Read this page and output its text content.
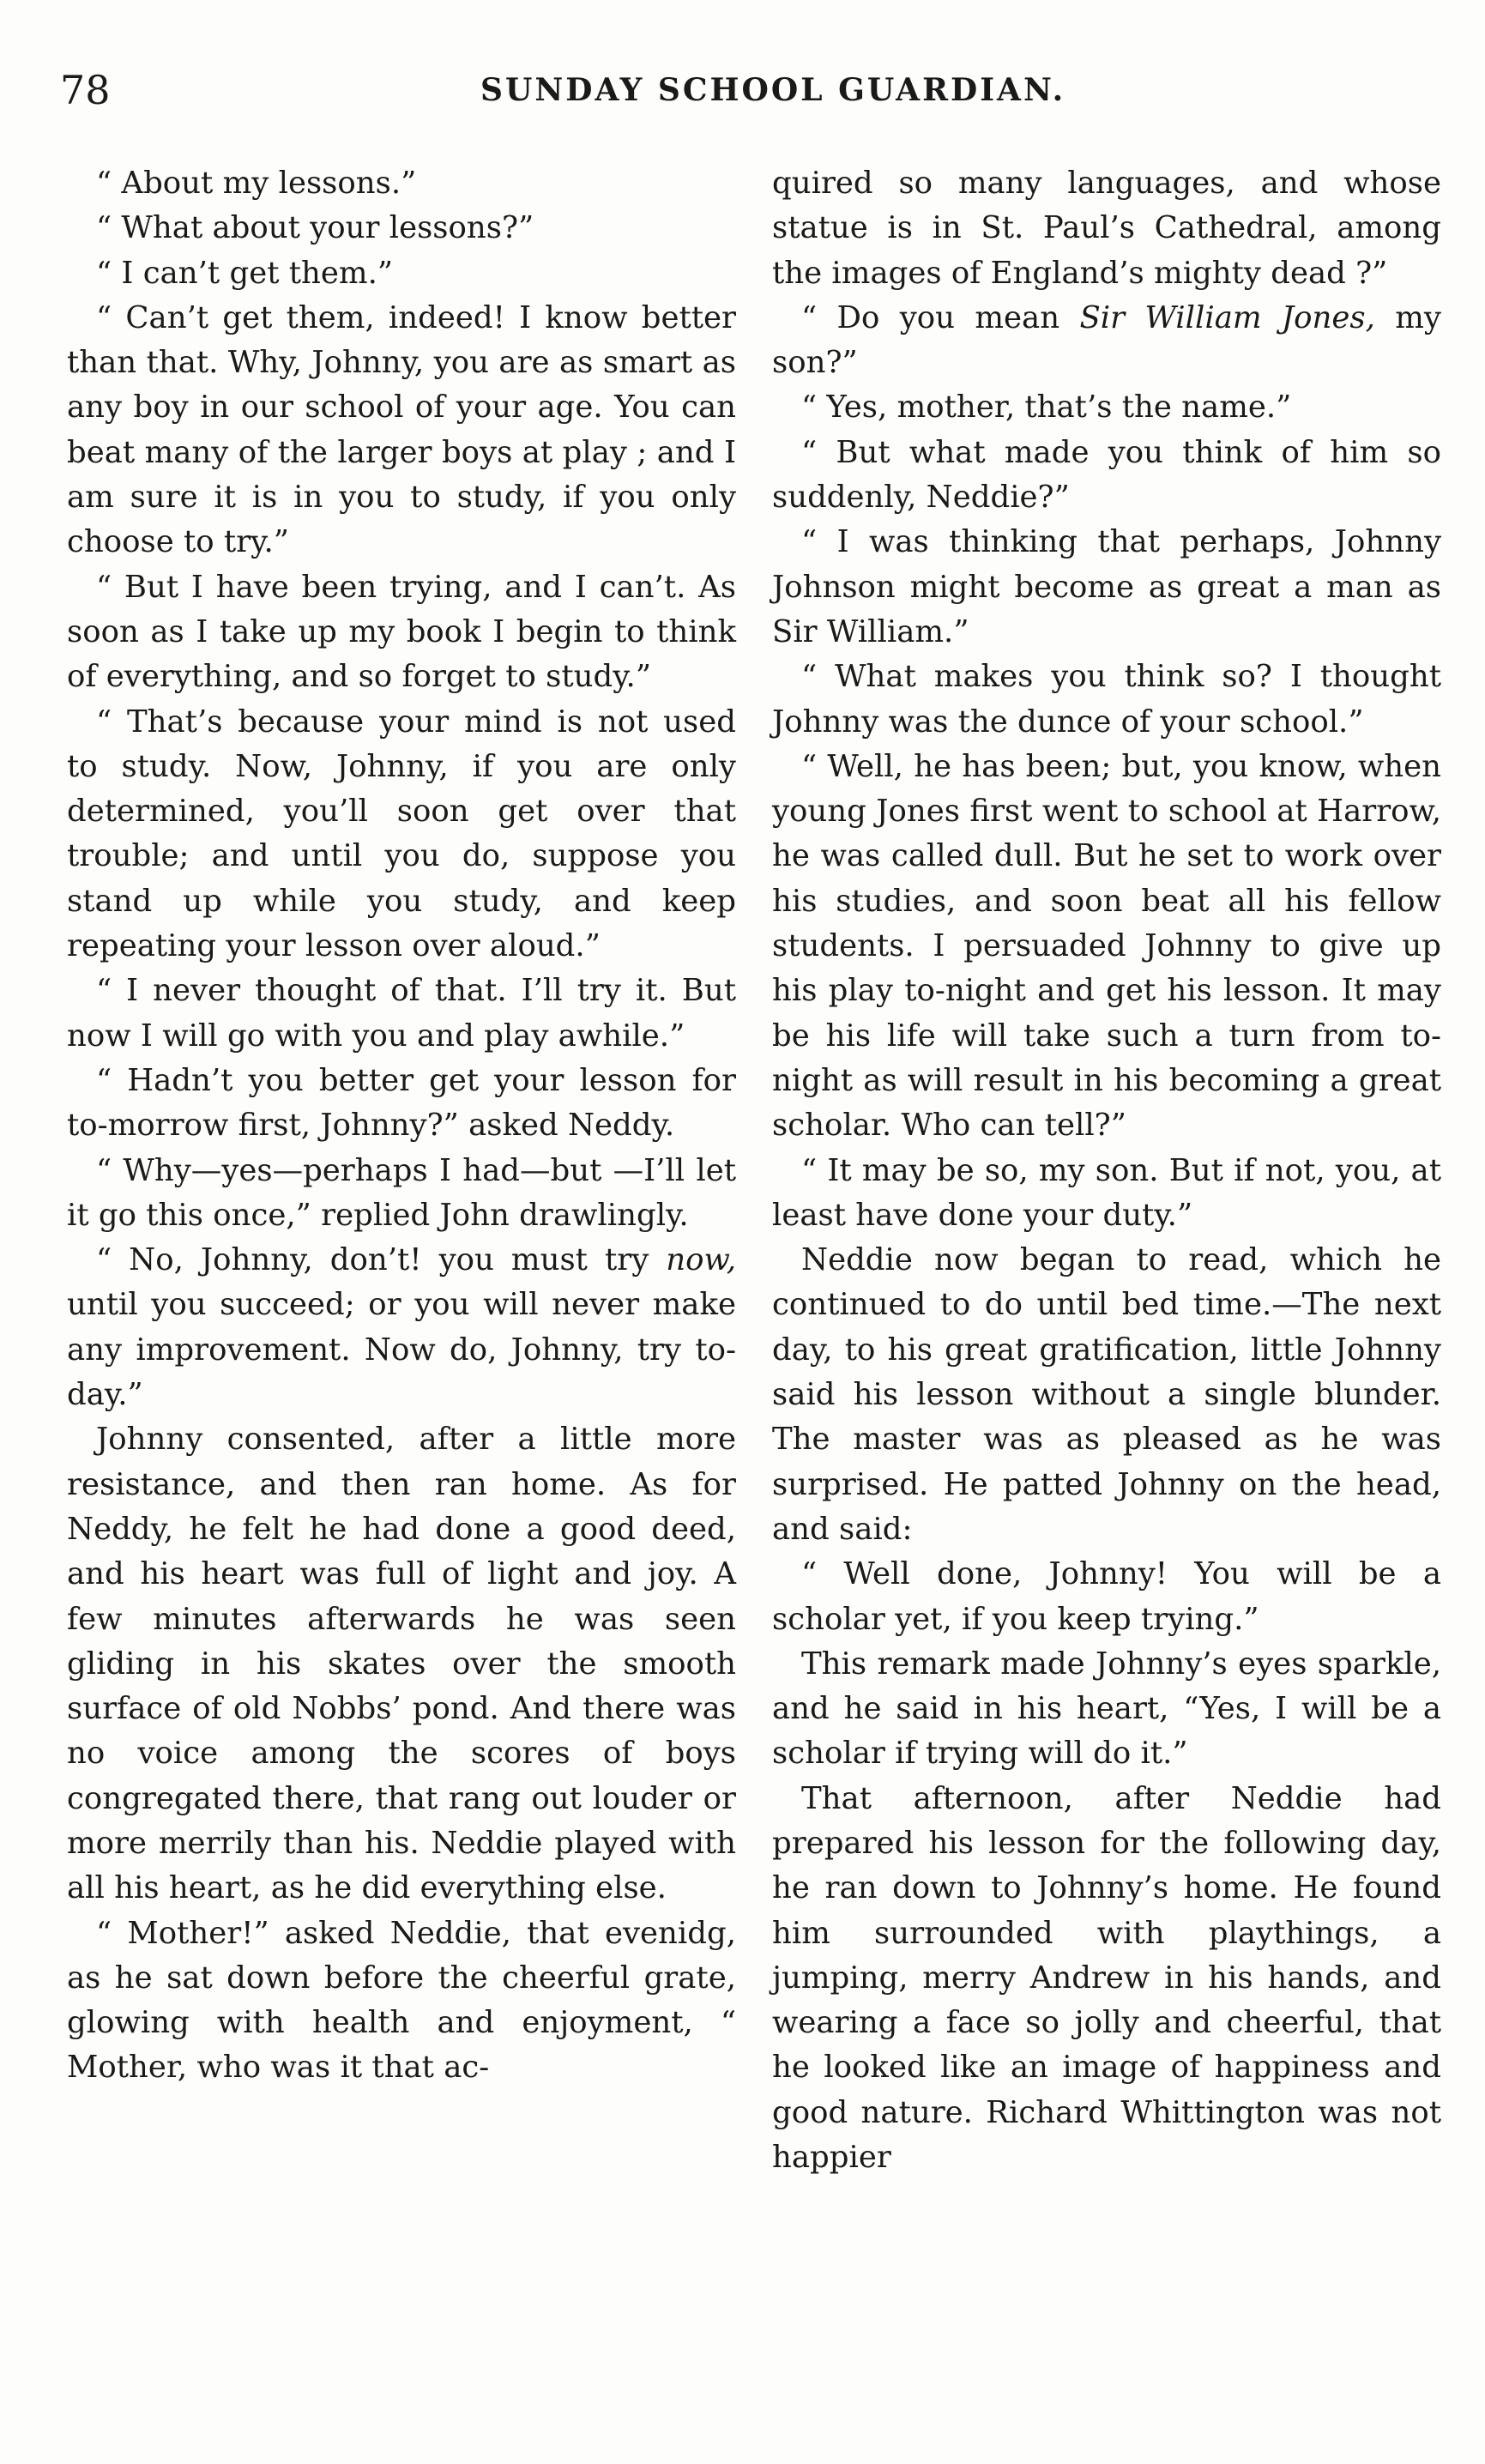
78	SUNDAY SCHOOL GUARDIAN.

“ About my lessons.”

“ What about your lessons?”

“ I can’t get them.”

“ Can’t get them, indeed! I know better than that. Why, Johnny, you are as smart as any boy in our school of your age. You can beat many of the larger boys at play ; and I am sure it is in you to study, if you only choose to try.”

“ But I have been trying, and I can’t. As soon as I take up my book I begin to think of everything, and so forget to study.”

“ That’s because your mind is not used to study. Now, Johnny, if you are only determined, you’ll soon get over that trouble; and until you do, suppose you stand up while you study, and keep repeating your lesson over aloud.”

“ I never thought of that. I’ll try it. But now I will go with you and play awhile.”

“ Hadn’t you better get your lesson for to-morrow first, Johnny?” asked Neddy.

“ Why—yes—perhaps I had—but —I’ll let it go this once,” replied John drawlingly.

“ No, Johnny, don’t! you must try now, until you succeed; or you will never make any improvement. Now do, Johnny, try to-day.”

Johnny consented, after a little more resistance, and then ran home. As for Neddy, he felt he had done a good deed, and his heart was full of light and joy. A few minutes afterwards he was seen gliding in his skates over the smooth surface of old Nobbs’ pond. And there was no voice among the scores of boys congregated there, that rang out louder or more merrily than his. Neddie played with all his heart, as he did everything else.

“ Mother!” asked Neddie, that evenidg, as he sat down before the cheerful grate, glowing with health and enjoyment, “ Mother, who was it that ac-

quired so many languages, and whose statue is in St. Paul’s Cathedral, among the images of England’s mighty dead ?”

“ Do you mean Sir William Jones, my son?”

“ Yes, mother, that’s the name.”

“ But what made you think of him so suddenly, Neddie?”

“ I was thinking that perhaps, Johnny Johnson might become as great a man as Sir William.”

“ What makes you think so? I thought Johnny was the dunce of your school.”

“ Well, he has been; but, you know, when young Jones first went to school at Harrow, he was called dull. But he set to work over his studies, and soon beat all his fellow students. I persuaded Johnny to give up his play to-night and get his lesson. It may be his life will take such a turn from to-night as will result in his becoming a great scholar. Who can tell?”

“ It may be so, my son. But if not, you, at least have done your duty.”

Neddie now began to read, which he continued to do until bed time.—The next day, to his great gratification, little Johnny said his lesson without a single blunder. The master was as pleased as he was surprised. He patted Johnny on the head, and said:

“ Well done, Johnny! You will be a scholar yet, if you keep trying.”

This remark made Johnny’s eyes sparkle, and he said in his heart, “Yes, I will be a scholar if trying will do it.”

That afternoon, after Neddie had prepared his lesson for the following day, he ran down to Johnny’s home. He found him surrounded with playthings, a jumping, merry Andrew in his hands, and wearing a face so jolly and cheerful, that he looked like an image of happiness and good nature. Richard Whittington was not happier
